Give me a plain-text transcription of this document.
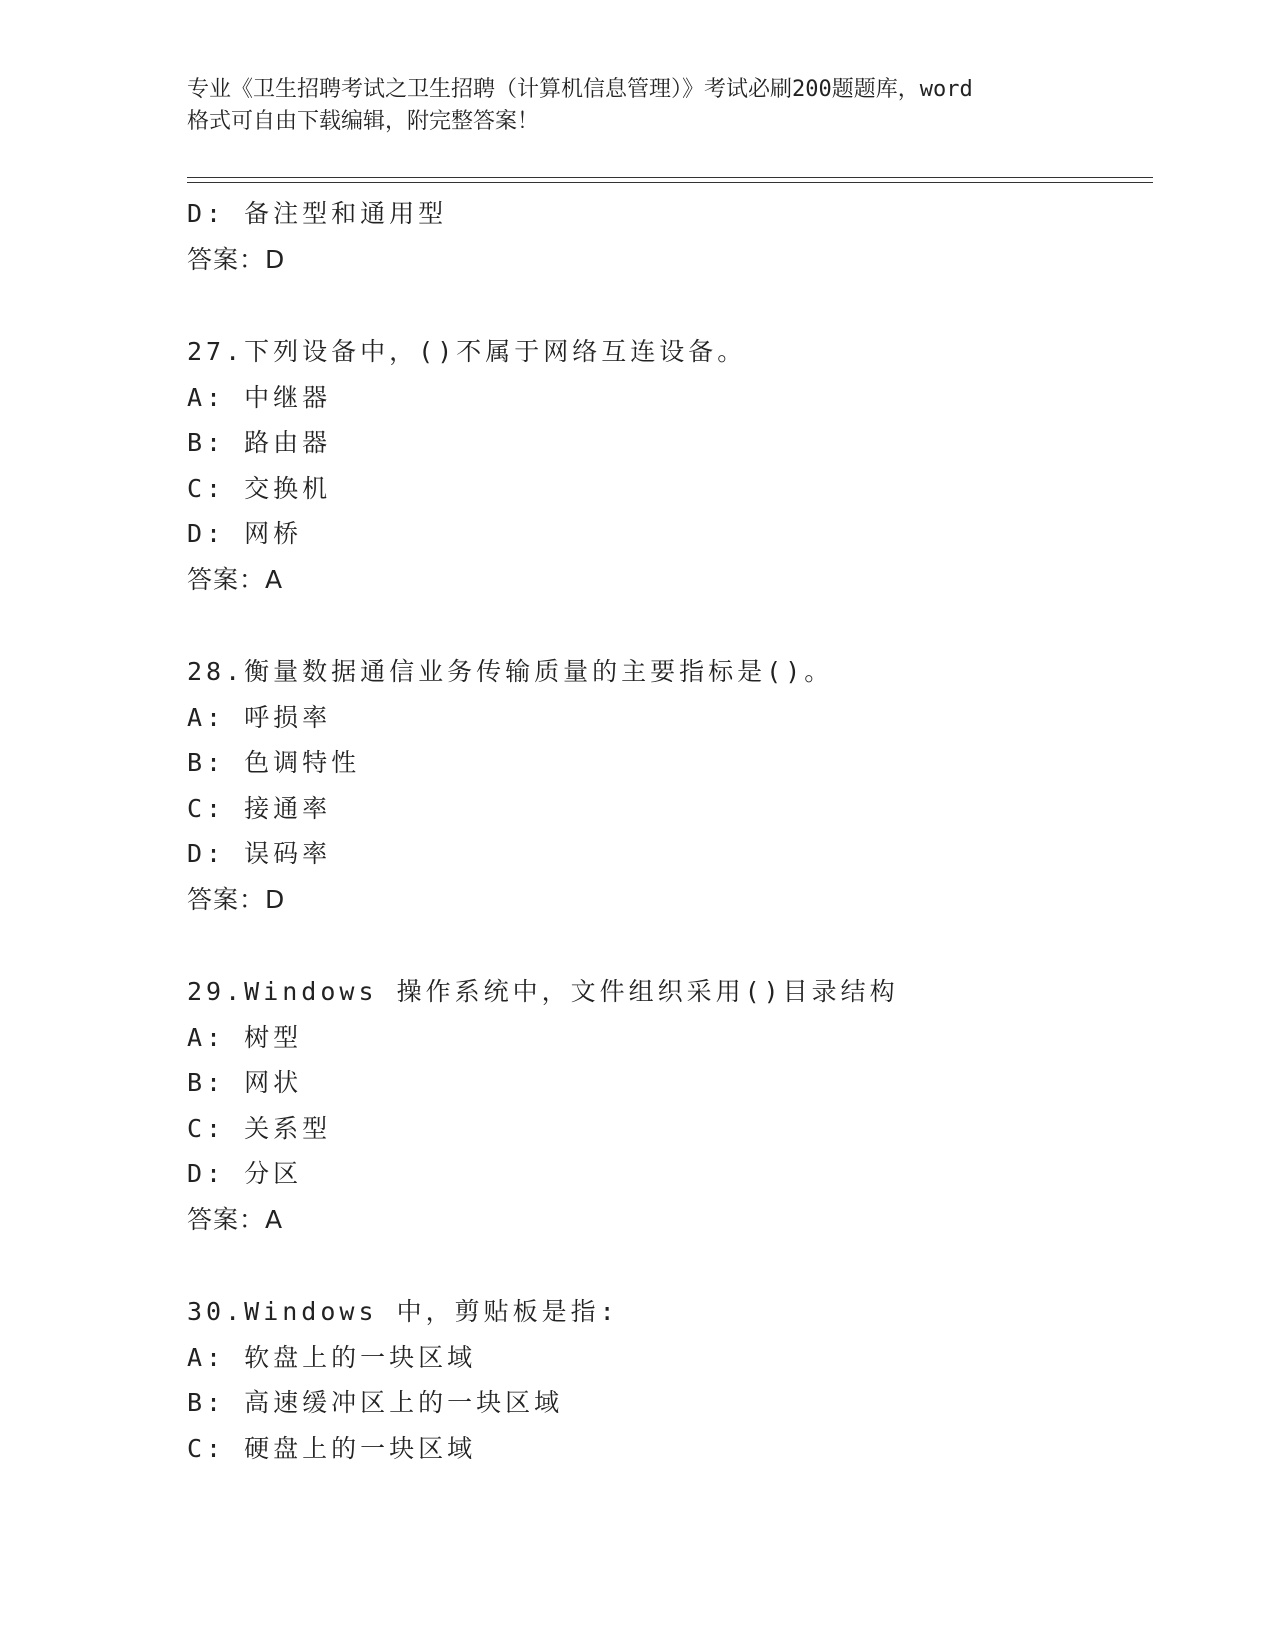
专业《卫生招聘考试之卫生招聘（计算机信息管理）》考试必刷200题题库，word
格式可自由下载编辑，附完整答案！
D: 备注型和通用型
答案：D
27.下列设备中，()不属于网络互连设备。
A: 中继器
B: 路由器
C: 交换机
D: 网桥
答案：A
28.衡量数据通信业务传输质量的主要指标是()。
A: 呼损率
B: 色调特性
C: 接通率
D: 误码率
答案：D
29.Windows 操作系统中，文件组织采用()目录结构
A: 树型
B: 网状
C: 关系型
D: 分区
答案：A
30.Windows 中，剪贴板是指:
A: 软盘上的一块区域
B: 高速缓冲区上的一块区域
C: 硬盘上的一块区域
